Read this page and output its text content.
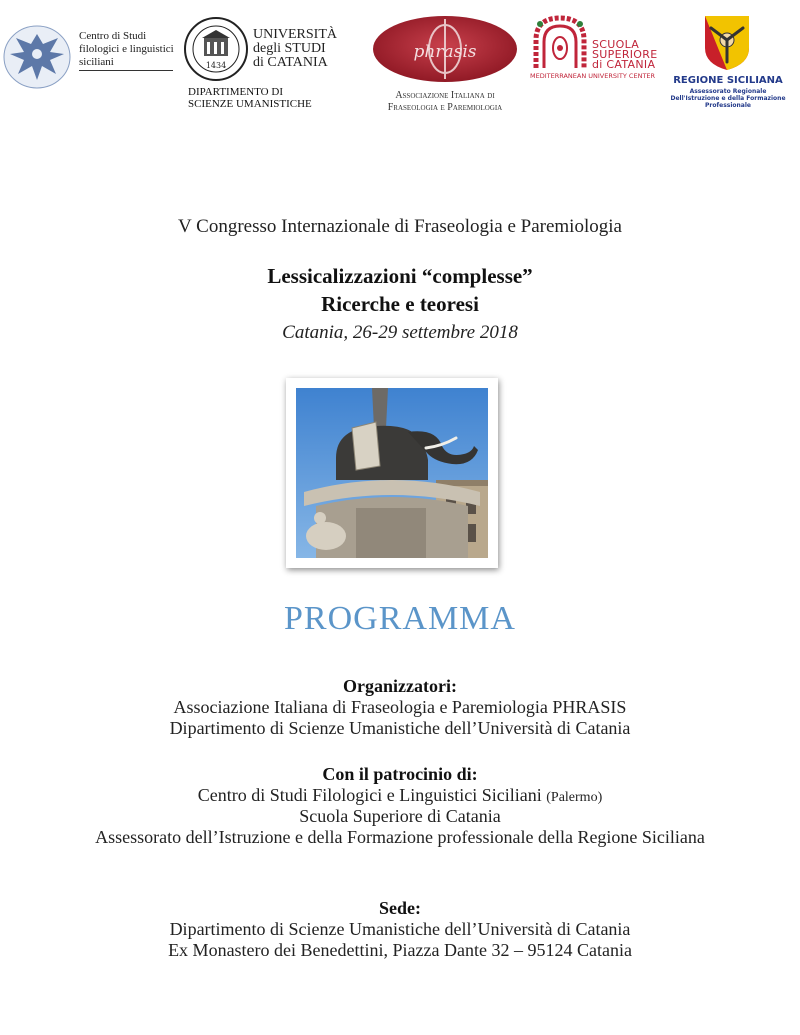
Centro di Studi
filologici e linguistici
siciliani	1434
UNIVERSITÀ
degli STUDI
di CATANIA
DIPARTIMENTO DI
SCIENZE UMANISTICHE
phrasis
Associazione Italiana di
Fraseologia e Paremiologia
SCUOLA
SUPERIORE
di CATANIA
MEDITERRANEAN UNIVERSITY CENTER	REGIONE SICILIANA
Assessorato Regionale
Dell'Istruzione e della Formazione Professionale
V Congresso Internazionale di Fraseologia e Paremiologia
Lessicalizzazioni “complesse”
Ricerche e teoresi
Catania, 26-29 settembre 2018
PROGRAMMA
Organizzatori:
Associazione Italiana di Fraseologia e Paremiologia PHRASIS
Dipartimento di Scienze Umanistiche dell’Università di Catania
Con il patrocinio di:
Centro di Studi Filologici e Linguistici Siciliani (Palermo)
Scuola Superiore di Catania
Assessorato dell’Istruzione e della Formazione professionale della Regione Siciliana
Sede:
Dipartimento di Scienze Umanistiche dell’Università di Catania
Ex Monastero dei Benedettini, Piazza Dante 32 – 95124 Catania
